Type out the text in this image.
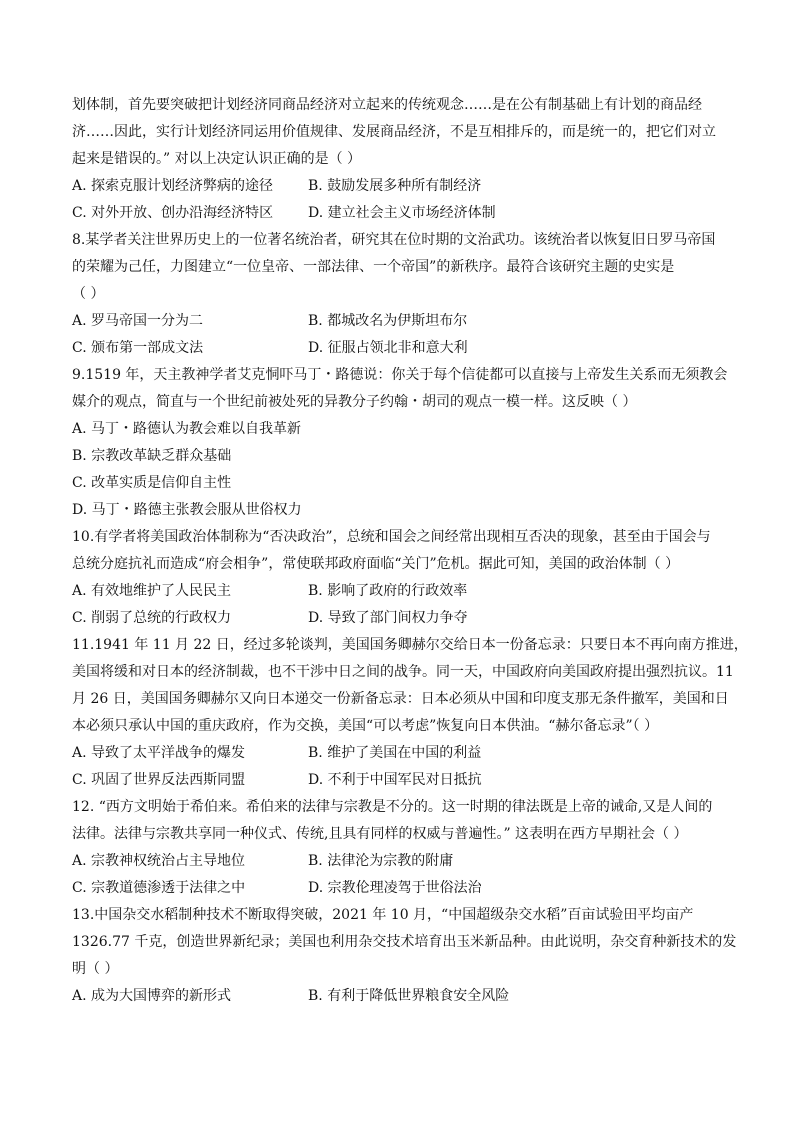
划体制，首先要突破把计划经济同商品经济对立起来的传统观念……是在公有制基础上有计划的商品经
济……因此，实行计划经济同运用价值规律、发展商品经济，不是互相排斥的，而是统一的，把它们对立
起来是错误的。” 对以上决定认识正确的是（ ）
A. 探索克服计划经济弊病的途径	B. 鼓励发展多种所有制经济
C. 对外开放、创办沿海经济特区	D. 建立社会主义市场经济体制
8.某学者关注世界历史上的一位著名统治者，研究其在位时期的文治武功。该统治者以恢复旧日罗马帝国
的荣耀为己任，力图建立“一位皇帝、一部法律、一个帝国”的新秩序。最符合该研究主题的史实是
（ ）
A. 罗马帝国一分为二	B. 都城改名为伊斯坦布尔
C. 颁布第一部成文法	D. 征服占领北非和意大利
9.1519 年，天主教神学者艾克恫吓马丁・路德说：你关于每个信徒都可以直接与上帝发生关系而无须教会
媒介的观点，简直与一个世纪前被处死的异教分子约翰・胡司的观点一模一样。这反映（ ）
A. 马丁・路德认为教会难以自我革新
B. 宗教改革缺乏群众基础
C. 改革实质是信仰自主性
D. 马丁・路德主张教会服从世俗权力
10.有学者将美国政治体制称为“否决政治”，总统和国会之间经常出现相互否决的现象，甚至由于国会与
总统分庭抗礼而造成“府会相争”，常使联邦政府面临“关门”危机。据此可知，美国的政治体制（ ）
A. 有效地维护了人民民主	B. 影响了政府的行政效率
C. 削弱了总统的行政权力	D. 导致了部门间权力争夺
11.1941 年 11 月 22 日，经过多轮谈判，美国国务卿赫尔交给日本一份备忘录：只要日本不再向南方推进，
美国将缓和对日本的经济制裁，也不干涉中日之间的战争。同一天，中国政府向美国政府提出强烈抗议。11
月 26 日，美国国务卿赫尔又向日本递交一份新备忘录：日本必须从中国和印度支那无条件撤军，美国和日
本必须只承认中国的重庆政府，作为交换，美国“可以考虑”恢复向日本供油。“赫尔备忘录”（ ）
A. 导致了太平洋战争的爆发	B. 维护了美国在中国的利益
C. 巩固了世界反法西斯同盟	D. 不利于中国军民对日抵抗
12. “西方文明始于希伯来。希伯来的法律与宗教是不分的。这一时期的律法既是上帝的诫命,又是人间的
法律。法律与宗教共享同一种仪式、传统,且具有同样的权威与普遍性。” 这表明在西方早期社会（ ）
A. 宗教神权统治占主导地位	B. 法律沦为宗教的附庸
C. 宗教道德渗透于法律之中	D. 宗教伦理凌驾于世俗法治
13.中国杂交水稻制种技术不断取得突破，2021 年 10 月，“中国超级杂交水稻”百亩试验田平均亩产
1326.77 千克，创造世界新纪录；美国也利用杂交技术培育出玉米新品种。由此说明，杂交育种新技术的发
明（ ）
A. 成为大国博弈的新形式	B. 有利于降低世界粮食安全风险
